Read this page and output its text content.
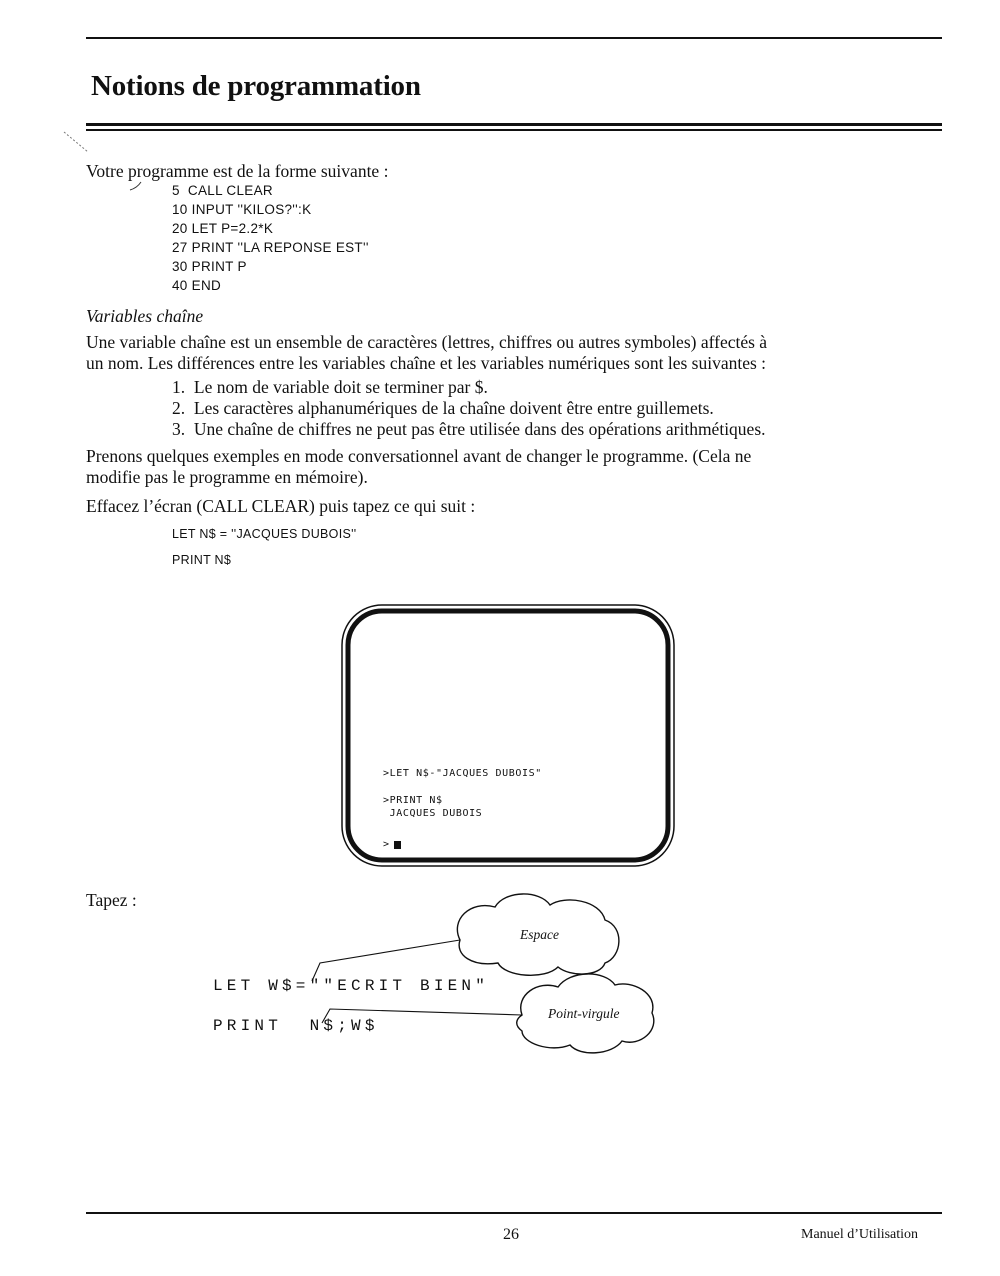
Notions de programmation
Votre programme est de la forme suivante :
5  CALL CLEAR
10 INPUT ''KILOS?'':K
20 LET P=2.2*K
27 PRINT ''LA REPONSE EST''
30 PRINT P
40 END
Variables chaîne
Une variable chaîne est un ensemble de caractères (lettres, chiffres ou autres symboles) affectés à
un nom. Les différences entre les variables chaîne et les variables numériques sont les suivantes :
1.  Le nom de variable doit se terminer par $.
2.  Les caractères alphanumériques de la chaîne doivent être entre guillemets.
3.  Une chaîne de chiffres ne peut pas être utilisée dans des opérations arithmétiques.
Prenons quelques exemples en mode conversationnel avant de changer le programme. (Cela ne
modifie pas le programme en mémoire).
Effacez l’écran (CALL CLEAR) puis tapez ce qui suit :
LET N$ = ''JACQUES DUBOIS''
PRINT N$
>LET N$-"JACQUES DUBOIS"
>PRINT N$
JACQUES DUBOIS
>
Tapez :
LET W$=""ECRIT BIEN"
PRINT  N$;W$
Espace
Point-virgule
26	Manuel d’Utilisation
